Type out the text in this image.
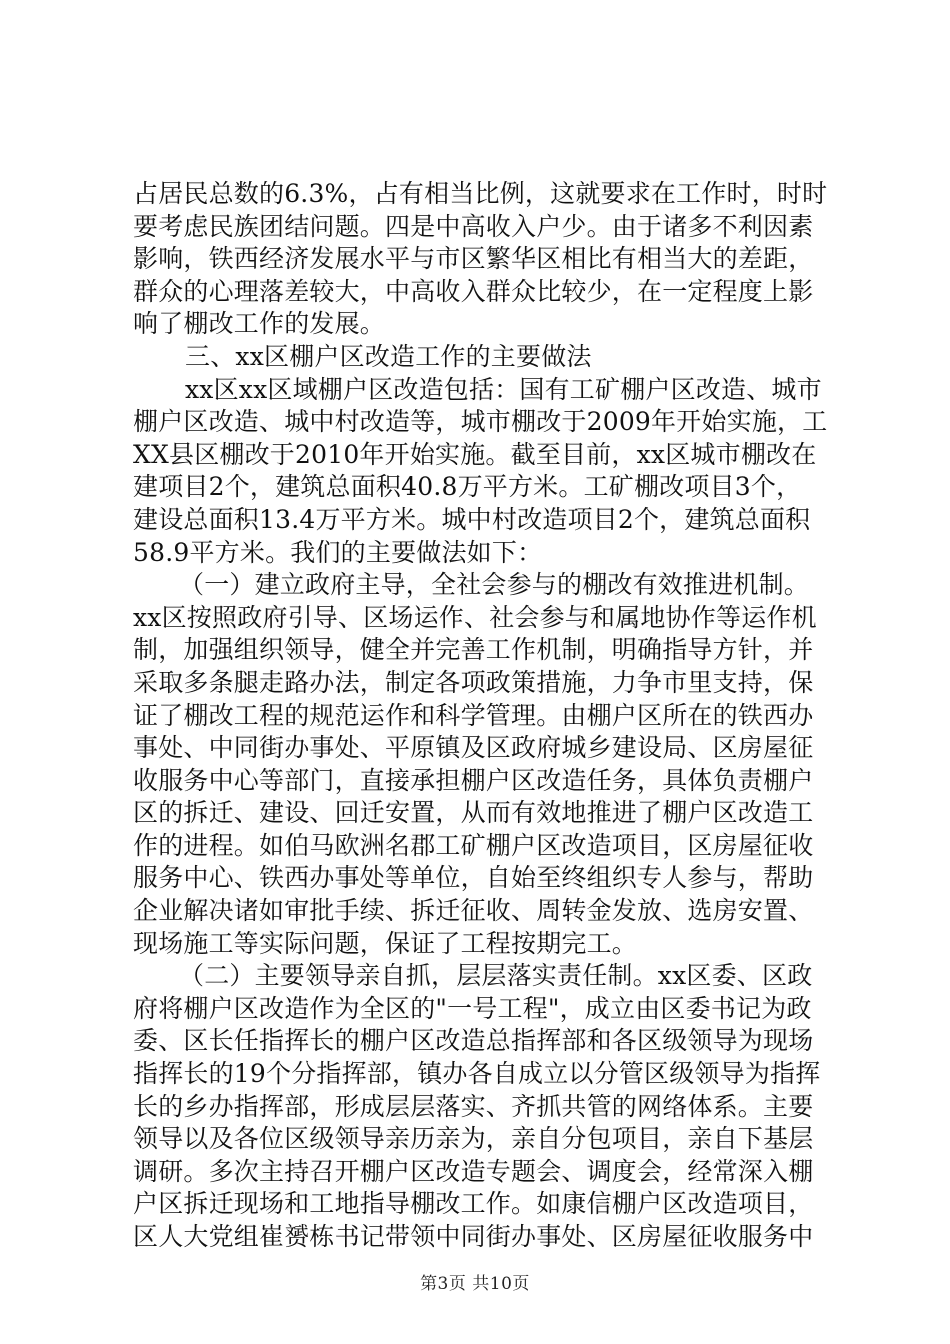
占居民总数的6.3%，占有相当比例，这就要求在工作时，时时
要考虑民族团结问题。四是中高收入户少。由于诸多不利因素
影响，铁西经济发展水平与市区繁华区相比有相当大的差距，
群众的心理落差较大，中高收入群众比较少，在一定程度上影
响了棚改工作的发展。

三、xx区棚户区改造工作的主要做法

xx区xx区域棚户区改造包括：国有工矿棚户区改造、城市
棚户区改造、城中村改造等，城市棚改于2009年开始实施，工
XX县区棚改于2010年开始实施。截至目前，xx区城市棚改在
建项目2个，建筑总面积40.8万平方米。工矿棚改项目3个，
建设总面积13.4万平方米。城中村改造项目2个，建筑总面积
58.9平方米。我们的主要做法如下：

（一）建立政府主导，全社会参与的棚改有效推进机制。
xx区按照政府引导、区场运作、社会参与和属地协作等运作机
制，加强组织领导，健全并完善工作机制，明确指导方针，并
采取多条腿走路办法，制定各项政策措施，力争市里支持，保
证了棚改工程的规范运作和科学管理。由棚户区所在的铁西办
事处、中同街办事处、平原镇及区政府城乡建设局、区房屋征
收服务中心等部门，直接承担棚户区改造任务，具体负责棚户
区的拆迁、建设、回迁安置，从而有效地推进了棚户区改造工
作的进程。如伯马欧洲名郡工矿棚户区改造项目，区房屋征收
服务中心、铁西办事处等单位，自始至终组织专人参与，帮助
企业解决诸如审批手续、拆迁征收、周转金发放、选房安置、
现场施工等实际问题，保证了工程按期完工。

（二）主要领导亲自抓，层层落实责任制。xx区委、区政
府将棚户区改造作为全区的"一号工程"，成立由区委书记为政
委、区长任指挥长的棚户区改造总指挥部和各区级领导为现场
指挥长的19个分指挥部，镇办各自成立以分管区级领导为指挥
长的乡办指挥部，形成层层落实、齐抓共管的网络体系。主要
领导以及各位区级领导亲历亲为，亲自分包项目，亲自下基层
调研。多次主持召开棚户区改造专题会、调度会，经常深入棚
户区拆迁现场和工地指导棚改工作。如康信棚户区改造项目，
区人大党组崔赟栋书记带领中同街办事处、区房屋征收服务中

第3页 共10页
